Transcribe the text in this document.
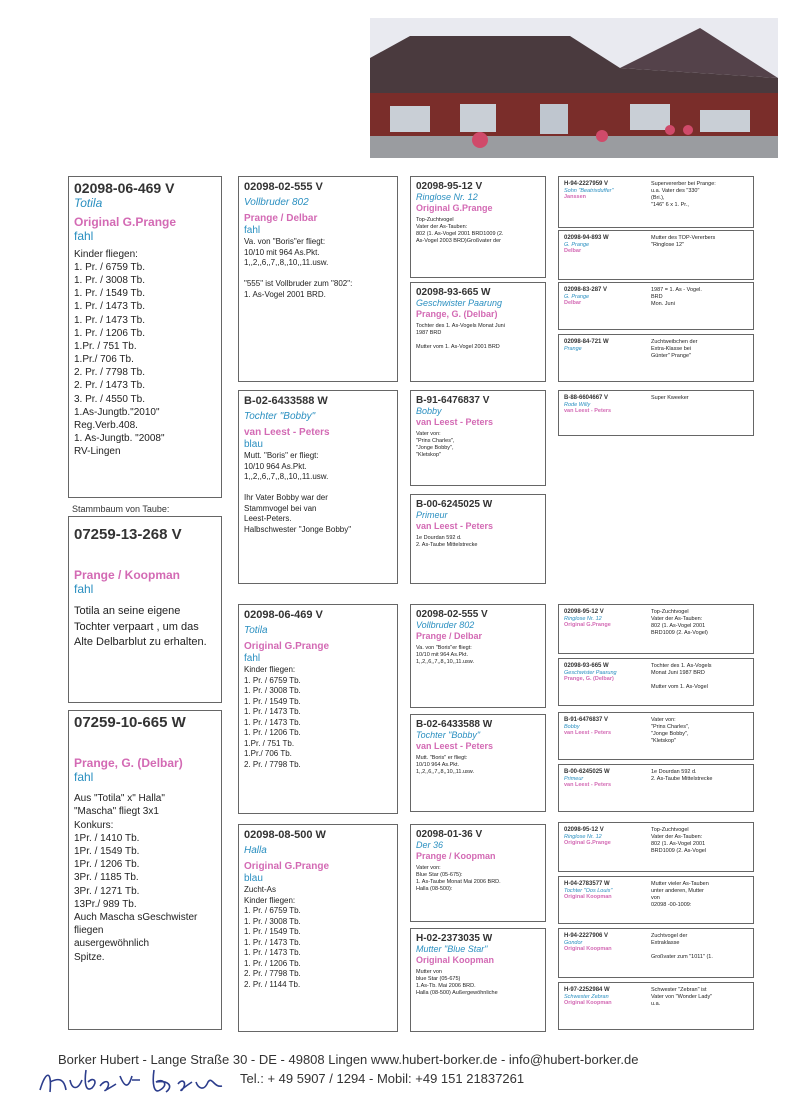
02098-06-469 V
Totila
Original G.Prange
fahl
Kinder fliegen:
1. Pr. / 6759 Tb.
1. Pr. / 3008 Tb.
1. Pr. / 1549 Tb.
1. Pr. / 1473 Tb.
1. Pr. / 1473 Tb.
1. Pr. / 1206 Tb.
1.Pr. / 751 Tb.
1.Pr./ 706 Tb.
2. Pr. / 7798 Tb.
2. Pr. / 1473 Tb.
3. Pr. / 4550 Tb.
1.As-Jungtb."2010"
Reg.Verb.408.
1. As-Jungtb. "2008"
RV-Lingen
Stammbaum von Taube:
07259-13-268 V
Prange / Koopman
fahl
Totila an seine eigene Tochter verpaart , um das Alte Delbarblut zu erhalten.
07259-10-665 W
Prange, G. (Delbar)
fahl
Aus "Totila" x" Halla"
"Mascha" fliegt 3x1
Konkurs:
1Pr. / 1410 Tb.
1Pr. / 1549 Tb.
1Pr. / 1206 Tb.
3Pr. / 1185 Tb.
3Pr. / 1271 Tb.
13Pr./ 989 Tb.
Auch Mascha sGeschwister fliegen
ausergewöhnlich
Spitze.
02098-02-555 V
Vollbruder 802
Prange / Delbar
fahl
Va. von "Boris"er fliegt:
10/10 mit 964 As.Pkt.
1,,2,,6,,7,,8,,10,,11.usw.

"555" ist Vollbruder zum "802":
1. As-Vogel 2001 BRD.
B-02-6433588 W
Tochter "Bobby"
van Leest - Peters
blau
Mutt. "Boris" er fliegt:
10/10 964 As.Pkt.
1,,2,,6,,7,,8,,10,,11.usw.

Ihr Vater Bobby war der
Stammvogel bei van
Leest-Peters.
Halbschwester "Jonge Bobby"
02098-06-469 V
Totila
Original G.Prange
fahl
Kinder fliegen:
1. Pr. / 6759 Tb.
1. Pr. / 3008 Tb.
1. Pr. / 1549 Tb.
1. Pr. / 1473 Tb.
1. Pr. / 1473 Tb.
1. Pr. / 1206 Tb.
1.Pr. / 751 Tb.
1.Pr./ 706 Tb.
2. Pr. / 7798 Tb.
02098-08-500 W
Halla
Original G.Prange
blau
Zucht-As
Kinder fliegen:
1. Pr. / 6759 Tb.
1. Pr. / 3008 Tb.
1. Pr. / 1549 Tb.
1. Pr. / 1473 Tb.
1. Pr. / 1473 Tb.
1. Pr. / 1206 Tb.
2. Pr. / 7798 Tb.
2. Pr. / 1144 Tb.
02098-95-12 V
Ringlose Nr. 12
Original G.Prange
Top-Zuchtvogel
Vater der As-Tauben:
802 (1. As-Vogel 2001 BRD1009 (2.
As-Vogel 2003 BRD)Großvater der
02098-93-665 W
Geschwister Paarung
Prange, G. (Delbar)
Tochter des 1. As-Vogels Monat Juni
1987 BRD

Mutter vom 1. As-Vogel 2001 BRD
B-91-6476837 V
Bobby
van Leest - Peters
Vater von:
"Prins Charles",
"Jonge Bobby",
"Kletskop"
B-00-6245025 W
Primeur
van Leest - Peters
1e Dourdan 592 d.
2. As-Taube Mittelstrecke
02098-02-555 V
Vollbruder 802
Prange / Delbar
Va. von "Boris"er fliegt:
10/10 mit 964 As.Pkt.
1,,2,,6,,7,,8,,10,,11.usw.
B-02-6433588 W
Tochter "Bobby"
van Leest - Peters
Mutt. "Boris" er fliegt:
10/10 964 As.Pkt.
1,,2,,6,,7,,8,,10,,11.usw.
02098-01-36 V
Der 36
Prange / Koopman
Vater von:
Blue Star (05-675):
1. As-Taube Monat Mai 2006 BRD.
Halla (08-500):
H-02-2373035 W
Mutter "Blue Star"
Original Koopman
Mutter von
blue Star (05-675)
1.As-Tb. Mai 2006 BRD.
Halla (08-500) Außergewöhnliche
H-94-2227959 V
Sohn "Beatrixduffer"
Janssen
Supervererber bei Prange:
u.a. Vater des "330"
(Bri.),
"146" 6 x 1. Pr.,
02098-94-893 W
G. Prange
Delbar
Mutter des TOP-Vererbers
"Ringlose 12"
02098-83-287 V
G. Prange
Delbar
1987 = 1. As - Vogel.
BRD
Mon. Juni
02098-84-721 W
Prange
Zuchtweibchen der
Extra-Klasse bei
Günter" Prange"
B-88-6604667 V
Rode Willy
van Leest - Peters
Super Kweeker
02098-95-12 V
Ringlose Nr. 12
Original G.Prange
Top-Zuchtvogel
Vater der As-Tauben:
802 (1. As-Vogel 2001
BRD1009 (2. As-Vogel)
02098-93-665 W
Geschwister Paarung
Prange, G. (Delbar)
Tochter des 1. As-Vogels
Monat Juni 1987 BRD

Mutter vom 1. As-Vogel
B-91-6476837 V
Bobby
van Leest - Peters
Vater von:
"Prins Charles",
"Jonge Bobby",
"Kletskop"
B-00-6245025 W
Primeur
van Leest - Peters
1e Dourdan 592 d.
2. As-Taube Mittelstrecke
02098-95-12 V
Ringlose Nr. 12
Original G.Prange
Top-Zuchtvogel
Vater der As-Tauben:
802 (1. As-Vogel 2001
BRD1009 (2. As-Vogel
H-04-2783577 W
Tochter "Oos Louis"
Original Koopman
Mutter vieler As-Tauben
unter anderen, Mutter
von
02098 -00-1009:
H-94-2227906 V
Gondor
Original Koopman
Zuchtvogel der
Extraklasse

Großvater zum "1011" (1.
H-97-2252984 W
Schwester Zebran
Original Koopman
Schwester "Zebran" ist
Vater von "Wonder Lady"
u.a.
Borker Hubert - Lange Straße 30 - DE - 49808 Lingen www.hubert-borker.de - info@hubert-borker.de
Tel.: + 49 5907 / 1294 - Mobil: +49 151 21837261
